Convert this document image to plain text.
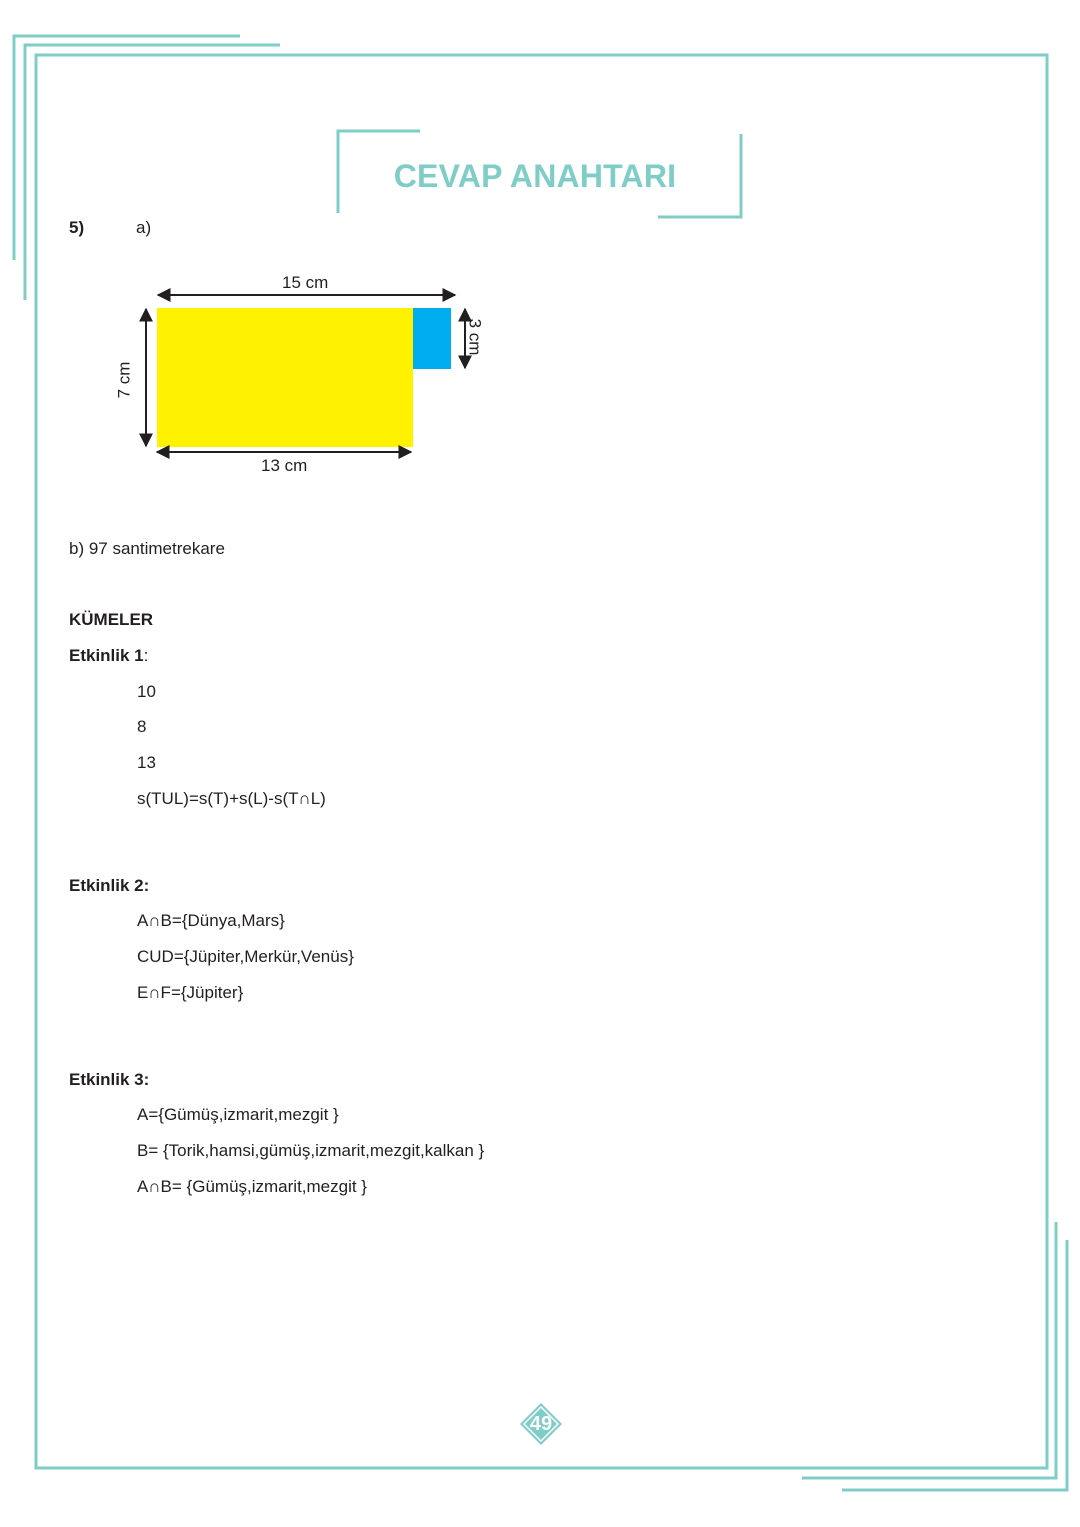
CEVAP ANAHTARI
5)	a)
15 cm
13 cm
7 cm
3 cm
b) 97 santimetrekare
KÜMELER
Etkinlik 1:
10
8
13
s(TUL)=s(T)+s(L)-s(T∩L)
Etkinlik 2:
A∩B={Dünya,Mars}
CUD={Jüpiter,Merkür,Venüs}
E∩F={Jüpiter}
Etkinlik 3:
A={Gümüş,izmarit,mezgit }
B= {Torik,hamsi,gümüş,izmarit,mezgit,kalkan }
A∩B= {Gümüş,izmarit,mezgit }
49
